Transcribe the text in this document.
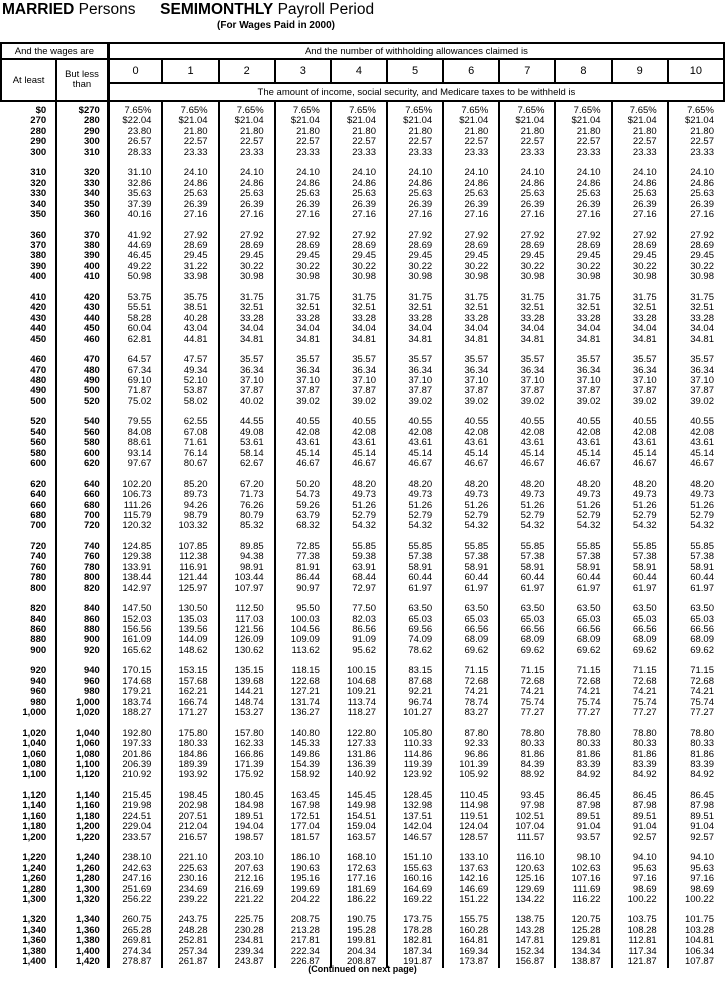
MARRIED Persons SEMIMONTHLY Payroll Period
(For Wages Paid in 2000)
And the wages are		And the number of withholding allowances claimed is										
At least	But less than	0	1	2	3	4	5	6	7	8	9	10
		The amount of income, social security, and Medicare taxes to be withheld is										
$0	$270	7.65%	7.65%	7.65%	7.65%	7.65%	7.65%	7.65%	7.65%	7.65%	7.65%	7.65%
270	280	$22.04	$21.04	$21.04	$21.04	$21.04	$21.04	$21.04	$21.04	$21.04	$21.04	$21.04
280	290	23.80	21.80	21.80	21.80	21.80	21.80	21.80	21.80	21.80	21.80	21.80
290	300	26.57	22.57	22.57	22.57	22.57	22.57	22.57	22.57	22.57	22.57	22.57
300	310	28.33	23.33	23.33	23.33	23.33	23.33	23.33	23.33	23.33	23.33	23.33
310	320	31.10	24.10	24.10	24.10	24.10	24.10	24.10	24.10	24.10	24.10	24.10
320	330	32.86	24.86	24.86	24.86	24.86	24.86	24.86	24.86	24.86	24.86	24.86
330	340	35.63	25.63	25.63	25.63	25.63	25.63	25.63	25.63	25.63	25.63	25.63
340	350	37.39	26.39	26.39	26.39	26.39	26.39	26.39	26.39	26.39	26.39	26.39
350	360	40.16	27.16	27.16	27.16	27.16	27.16	27.16	27.16	27.16	27.16	27.16
360	370	41.92	27.92	27.92	27.92	27.92	27.92	27.92	27.92	27.92	27.92	27.92
370	380	44.69	28.69	28.69	28.69	28.69	28.69	28.69	28.69	28.69	28.69	28.69
380	390	46.45	29.45	29.45	29.45	29.45	29.45	29.45	29.45	29.45	29.45	29.45
390	400	49.22	31.22	30.22	30.22	30.22	30.22	30.22	30.22	30.22	30.22	30.22
400	410	50.98	33.98	30.98	30.98	30.98	30.98	30.98	30.98	30.98	30.98	30.98
410	420	53.75	35.75	31.75	31.75	31.75	31.75	31.75	31.75	31.75	31.75	31.75
420	430	55.51	38.51	32.51	32.51	32.51	32.51	32.51	32.51	32.51	32.51	32.51
430	440	58.28	40.28	33.28	33.28	33.28	33.28	33.28	33.28	33.28	33.28	33.28
440	450	60.04	43.04	34.04	34.04	34.04	34.04	34.04	34.04	34.04	34.04	34.04
450	460	62.81	44.81	34.81	34.81	34.81	34.81	34.81	34.81	34.81	34.81	34.81
460	470	64.57	47.57	35.57	35.57	35.57	35.57	35.57	35.57	35.57	35.57	35.57
470	480	67.34	49.34	36.34	36.34	36.34	36.34	36.34	36.34	36.34	36.34	36.34
480	490	69.10	52.10	37.10	37.10	37.10	37.10	37.10	37.10	37.10	37.10	37.10
490	500	71.87	53.87	37.87	37.87	37.87	37.87	37.87	37.87	37.87	37.87	37.87
500	520	75.02	58.02	40.02	39.02	39.02	39.02	39.02	39.02	39.02	39.02	39.02
520	540	79.55	62.55	44.55	40.55	40.55	40.55	40.55	40.55	40.55	40.55	40.55
540	560	84.08	67.08	49.08	42.08	42.08	42.08	42.08	42.08	42.08	42.08	42.08
560	580	88.61	71.61	53.61	43.61	43.61	43.61	43.61	43.61	43.61	43.61	43.61
580	600	93.14	76.14	58.14	45.14	45.14	45.14	45.14	45.14	45.14	45.14	45.14
600	620	97.67	80.67	62.67	46.67	46.67	46.67	46.67	46.67	46.67	46.67	46.67
620	640	102.20	85.20	67.20	50.20	48.20	48.20	48.20	48.20	48.20	48.20	48.20
640	660	106.73	89.73	71.73	54.73	49.73	49.73	49.73	49.73	49.73	49.73	49.73
660	680	111.26	94.26	76.26	59.26	51.26	51.26	51.26	51.26	51.26	51.26	51.26
680	700	115.79	98.79	80.79	63.79	52.79	52.79	52.79	52.79	52.79	52.79	52.79
700	720	120.32	103.32	85.32	68.32	54.32	54.32	54.32	54.32	54.32	54.32	54.32
720	740	124.85	107.85	89.85	72.85	55.85	55.85	55.85	55.85	55.85	55.85	55.85
740	760	129.38	112.38	94.38	77.38	59.38	57.38	57.38	57.38	57.38	57.38	57.38
760	780	133.91	116.91	98.91	81.91	63.91	58.91	58.91	58.91	58.91	58.91	58.91
780	800	138.44	121.44	103.44	86.44	68.44	60.44	60.44	60.44	60.44	60.44	60.44
800	820	142.97	125.97	107.97	90.97	72.97	61.97	61.97	61.97	61.97	61.97	61.97
820	840	147.50	130.50	112.50	95.50	77.50	63.50	63.50	63.50	63.50	63.50	63.50
840	860	152.03	135.03	117.03	100.03	82.03	65.03	65.03	65.03	65.03	65.03	65.03
860	880	156.56	139.56	121.56	104.56	86.56	69.56	66.56	66.56	66.56	66.56	66.56
880	900	161.09	144.09	126.09	109.09	91.09	74.09	68.09	68.09	68.09	68.09	68.09
900	920	165.62	148.62	130.62	113.62	95.62	78.62	69.62	69.62	69.62	69.62	69.62
920	940	170.15	153.15	135.15	118.15	100.15	83.15	71.15	71.15	71.15	71.15	71.15
940	960	174.68	157.68	139.68	122.68	104.68	87.68	72.68	72.68	72.68	72.68	72.68
960	980	179.21	162.21	144.21	127.21	109.21	92.21	74.21	74.21	74.21	74.21	74.21
980	1,000	183.74	166.74	148.74	131.74	113.74	96.74	78.74	75.74	75.74	75.74	75.74
1,000	1,020	188.27	171.27	153.27	136.27	118.27	101.27	83.27	77.27	77.27	77.27	77.27
1,020	1,040	192.80	175.80	157.80	140.80	122.80	105.80	87.80	78.80	78.80	78.80	78.80
1,040	1,060	197.33	180.33	162.33	145.33	127.33	110.33	92.33	80.33	80.33	80.33	80.33
1,060	1,080	201.86	184.86	166.86	149.86	131.86	114.86	96.86	81.86	81.86	81.86	81.86
1,080	1,100	206.39	189.39	171.39	154.39	136.39	119.39	101.39	84.39	83.39	83.39	83.39
1,100	1,120	210.92	193.92	175.92	158.92	140.92	123.92	105.92	88.92	84.92	84.92	84.92
1,120	1,140	215.45	198.45	180.45	163.45	145.45	128.45	110.45	93.45	86.45	86.45	86.45
1,140	1,160	219.98	202.98	184.98	167.98	149.98	132.98	114.98	97.98	87.98	87.98	87.98
1,160	1,180	224.51	207.51	189.51	172.51	154.51	137.51	119.51	102.51	89.51	89.51	89.51
1,180	1,200	229.04	212.04	194.04	177.04	159.04	142.04	124.04	107.04	91.04	91.04	91.04
1,200	1,220	233.57	216.57	198.57	181.57	163.57	146.57	128.57	111.57	93.57	92.57	92.57
1,220	1,240	238.10	221.10	203.10	186.10	168.10	151.10	133.10	116.10	98.10	94.10	94.10
1,240	1,260	242.63	225.63	207.63	190.63	172.63	155.63	137.63	120.63	102.63	95.63	95.63
1,260	1,280	247.16	230.16	212.16	195.16	177.16	160.16	142.16	125.16	107.16	97.16	97.16
1,280	1,300	251.69	234.69	216.69	199.69	181.69	164.69	146.69	129.69	111.69	98.69	98.69
1,300	1,320	256.22	239.22	221.22	204.22	186.22	169.22	151.22	134.22	116.22	100.22	100.22
1,320	1,340	260.75	243.75	225.75	208.75	190.75	173.75	155.75	138.75	120.75	103.75	101.75
1,340	1,360	265.28	248.28	230.28	213.28	195.28	178.28	160.28	143.28	125.28	108.28	103.28
1,360	1,380	269.81	252.81	234.81	217.81	199.81	182.81	164.81	147.81	129.81	112.81	104.81
1,380	1,400	274.34	257.34	239.34	222.34	204.34	187.34	169.34	152.34	134.34	117.34	106.34
1,400	1,420	278.87	261.87	243.87	226.87	208.87	191.87	173.87	156.87	138.87	121.87	107.87
(Continued on next page)
